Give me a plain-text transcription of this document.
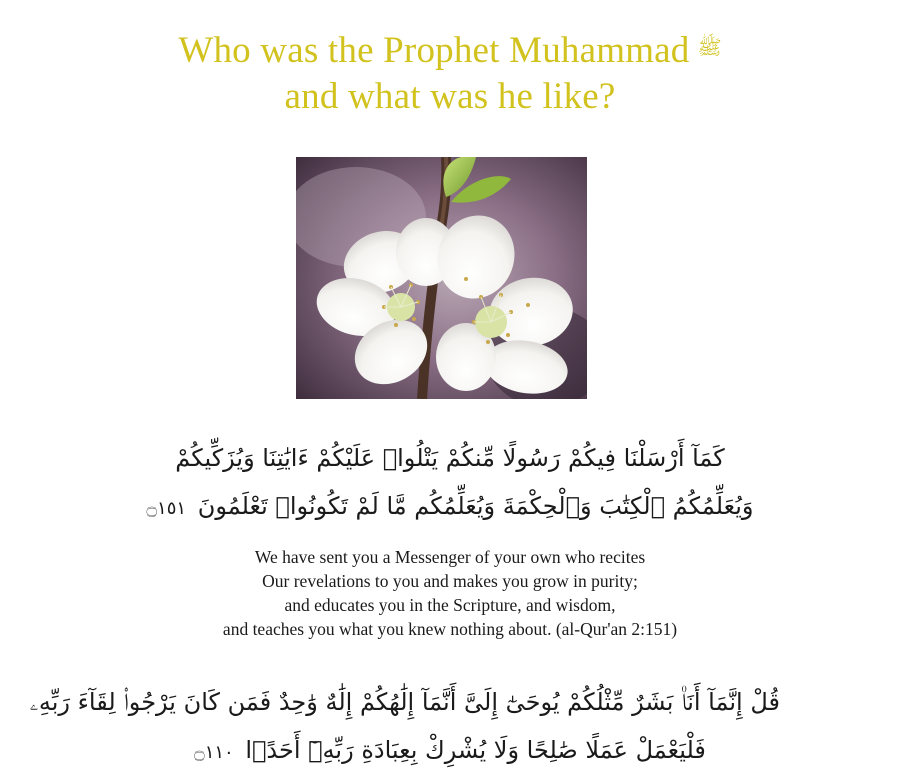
Who was the Prophet Muhammad ﷺ
and what was he like?
كَمَآ أَرْسَلْنَا فِيكُمْ رَسُولًا مِّنكُمْ يَتْلُوا۟ عَلَيْكُمْ ءَايَٰتِنَا وَيُزَكِّيكُمْ
وَيُعَلِّمُكُمُ ٱلْكِتَٰبَ وَٱلْحِكْمَةَ وَيُعَلِّمُكُم مَّا لَمْ تَكُونُوا۟ تَعْلَمُونَ ۝١٥١
We have sent you a Messenger of your own who recites
Our revelations to you and makes you grow in purity;
and educates you in the Scripture, and wisdom,
and teaches you what you knew nothing about. (al-Qur'an 2:151)
قُلْ إِنَّمَآ أَنَا۠ بَشَرٌ مِّثْلُكُمْ يُوحَىٰٓ إِلَىَّ أَنَّمَآ إِلَٰهُكُمْ إِلَٰهٌ وَٰحِدٌ فَمَن كَانَ يَرْجُوا۟ لِقَآءَ رَبِّهِۦ
فَلْيَعْمَلْ عَمَلًا صَٰلِحًا وَلَا يُشْرِكْ بِعِبَادَةِ رَبِّهِۦٓ أَحَدًۢا ۝١١٠
